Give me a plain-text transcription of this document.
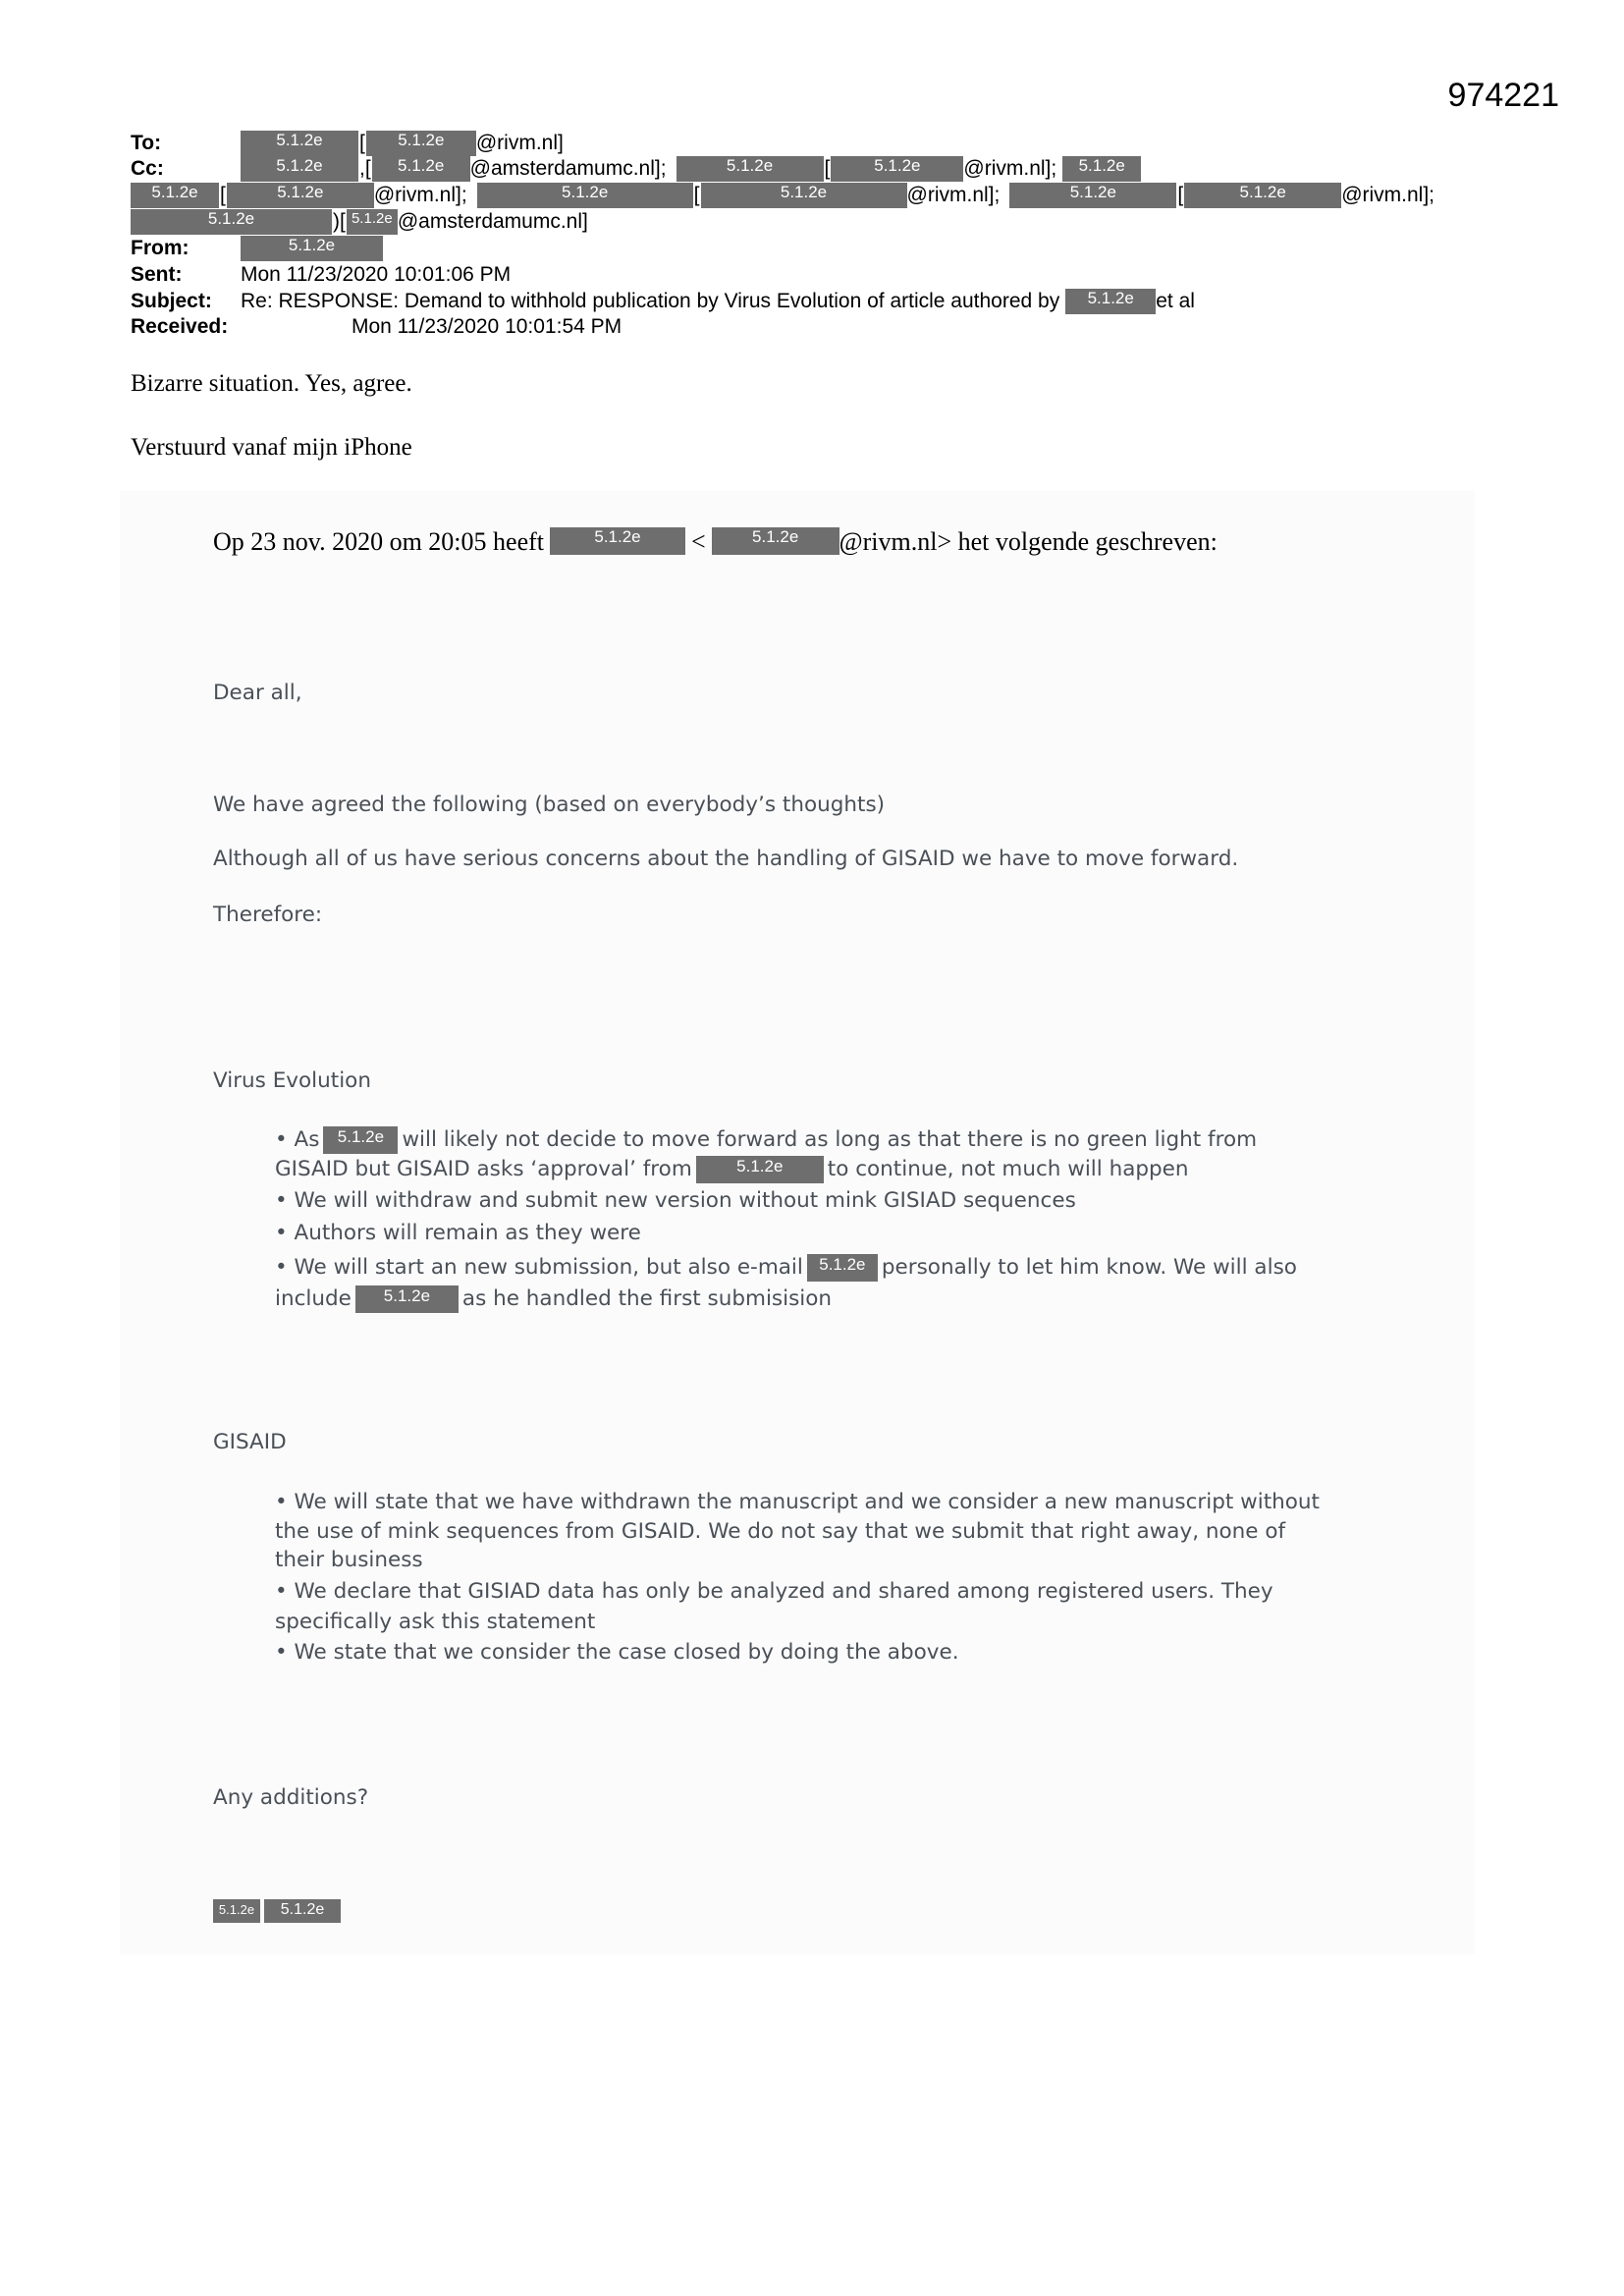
974221
To:	5.1.2e [ 5.1.2e @rivm.nl]
Cc:	5.1.2e ,[ 5.1.2e @amsterdamumc.nl];	5.1.2e [	5.1.2e @rivm.nl]; 5.1.2e
5.1.2e [	5.1.2e @rivm.nl];	5.1.2e	[	5.1.2e	@rivm.nl];	5.1.2e	[	5.1.2e	@rivm.nl];
5.1.2e	)[ 5.1.2e @amsterdamumc.nl]
From:	5.1.2e
Sent:	Mon 11/23/2020 10:01:06 PM
Subject: Re: RESPONSE: Demand to withhold publication by Virus Evolution of article authored by 5.1.2e et al
Received:	Mon 11/23/2020 10:01:54 PM
Bizarre situation. Yes, agree.
Verstuurd vanaf mijn iPhone
Op 23 nov. 2020 om 20:05 heeft	5.1.2e <	5.1.2e @rivm.nl> het volgende geschreven:
Dear all,
We have agreed the following (based on everybody’s thoughts)
Although all of us have serious concerns about the handling of GISAID we have to move forward.
Therefore:
Virus Evolution
• As 5.1.2e will likely not decide to move forward as long as that there is no green light from
GISAID but GISAID asks ‘approval’ from	5.1.2e to continue, not much will happen
• We will withdraw and submit new version without mink GISIAD sequences
• Authors will remain as they were
• We will start an new submission, but also e-mail 5.1.2e personally to let him know. We will also
include 5.1.2e as he handled the first submisision
GISAID
• We will state that we have withdrawn the manuscript and we consider a new manuscript without
the use of mink sequences from GISAID. We do not say that we submit that right away, none of
their business
• We declare that GISIAD data has only be analyzed and shared among registered users. They
specifically ask this statement
• We state that we consider the case closed by doing the above.
Any additions?
5.1.2e 5.1.2e
